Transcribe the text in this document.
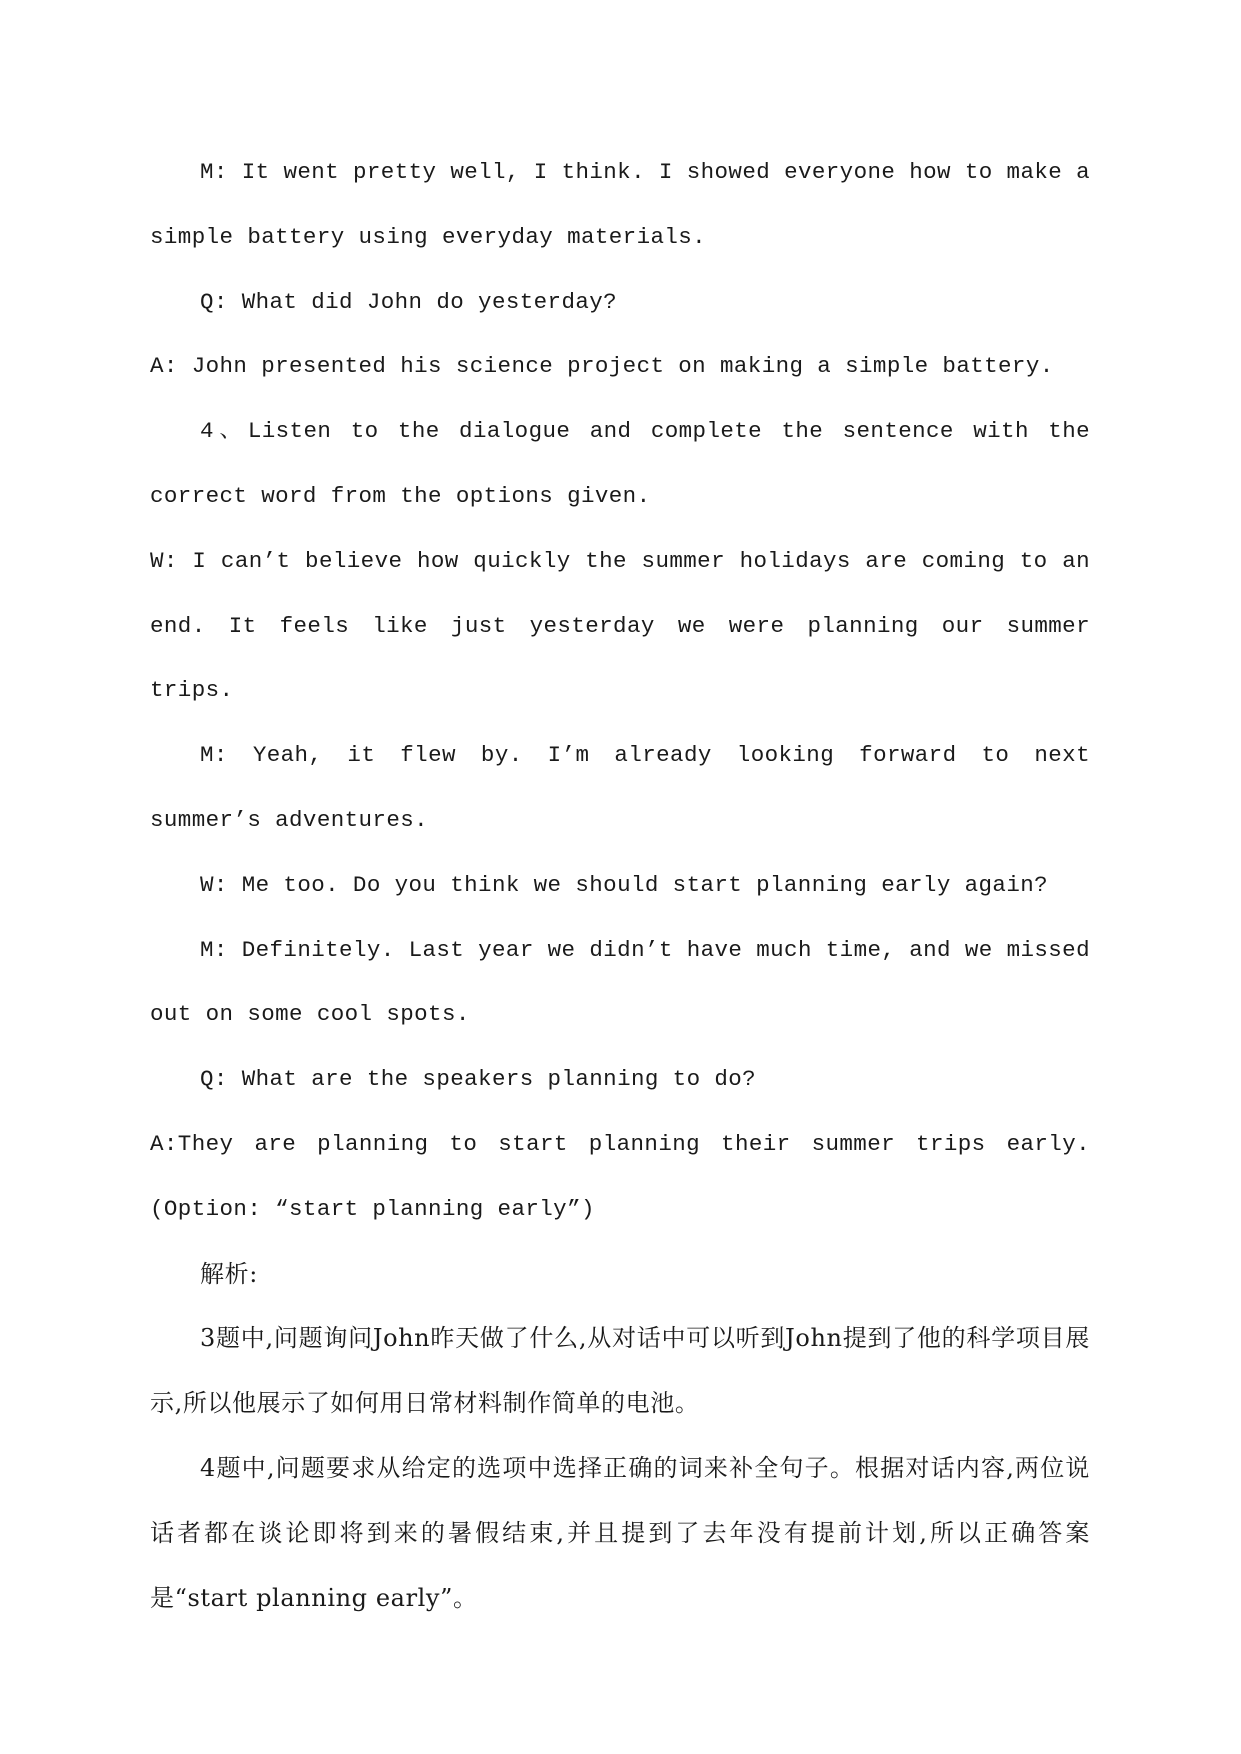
M: It went pretty well, I think. I showed everyone how to make a simple battery using everyday materials.

Q: What did John do yesterday?

A: John presented his science project on making a simple battery.

4、Listen to the dialogue and complete the sentence with the correct word from the options given.

W: I can’t believe how quickly the summer holidays are coming to an end. It feels like just yesterday we were planning our summer trips.

M: Yeah, it flew by. I’m already looking forward to next summer’s adventures.

W: Me too. Do you think we should start planning early again?

M: Definitely. Last year we didn’t have much time, and we missed out on some cool spots.

Q: What are the speakers planning to do?

A:They are planning to start planning their summer trips early.(Option: “start planning early”)

解析:

3题中,问题询问John昨天做了什么,从对话中可以听到John提到了他的科学项目展示,所以他展示了如何用日常材料制作简单的电池。

4题中,问题要求从给定的选项中选择正确的词来补全句子。根据对话内容,两位说话者都在谈论即将到来的暑假结束,并且提到了去年没有提前计划,所以正确答案是“start planning early”。
